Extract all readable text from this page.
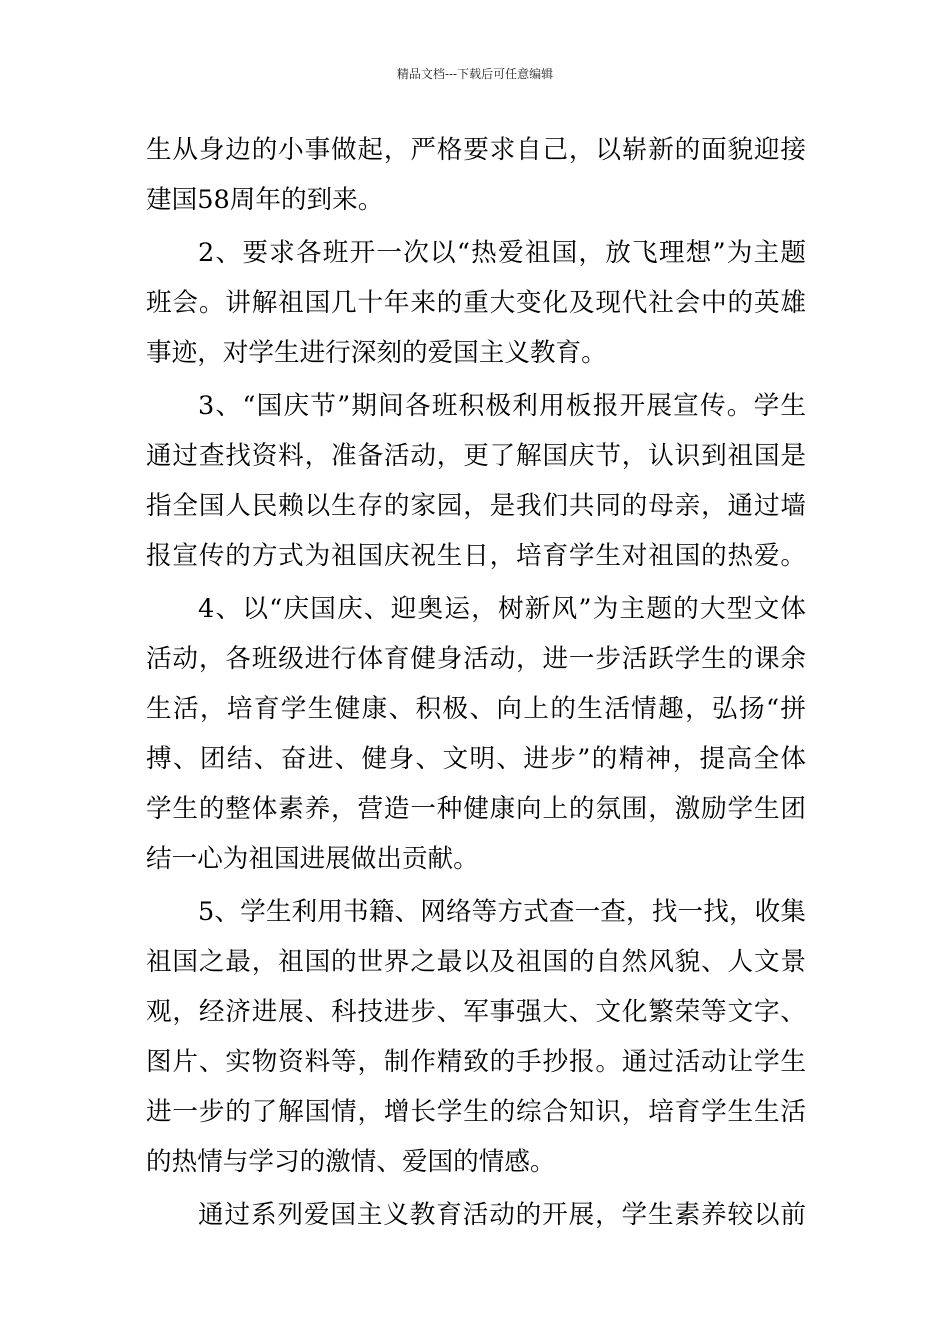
精品文档---下载后可任意编辑
生从身边的小事做起，严格要求自己，以崭新的面貌迎接
建国58周年的到来。
2、要求各班开一次以“热爱祖国，放飞理想”为主题
班会。讲解祖国几十年来的重大变化及现代社会中的英雄
事迹，对学生进行深刻的爱国主义教育。
3、“国庆节”期间各班积极利用板报开展宣传。学生
通过查找资料，准备活动，更了解国庆节，认识到祖国是
指全国人民赖以生存的家园，是我们共同的母亲，通过墙
报宣传的方式为祖国庆祝生日，培育学生对祖国的热爱。
4、以“庆国庆、迎奥运，树新风”为主题的大型文体
活动，各班级进行体育健身活动，进一步活跃学生的课余
生活，培育学生健康、积极、向上的生活情趣，弘扬“拼
搏、团结、奋进、健身、文明、进步”的精神，提高全体
学生的整体素养，营造一种健康向上的氛围，激励学生团
结一心为祖国进展做出贡献。
5、学生利用书籍、网络等方式查一查，找一找，收集
祖国之最，祖国的世界之最以及祖国的自然风貌、人文景
观，经济进展、科技进步、军事强大、文化繁荣等文字、
图片、实物资料等，制作精致的手抄报。通过活动让学生
进一步的了解国情，增长学生的综合知识，培育学生生活
的热情与学习的激情、爱国的情感。
通过系列爱国主义教育活动的开展，学生素养较以前
